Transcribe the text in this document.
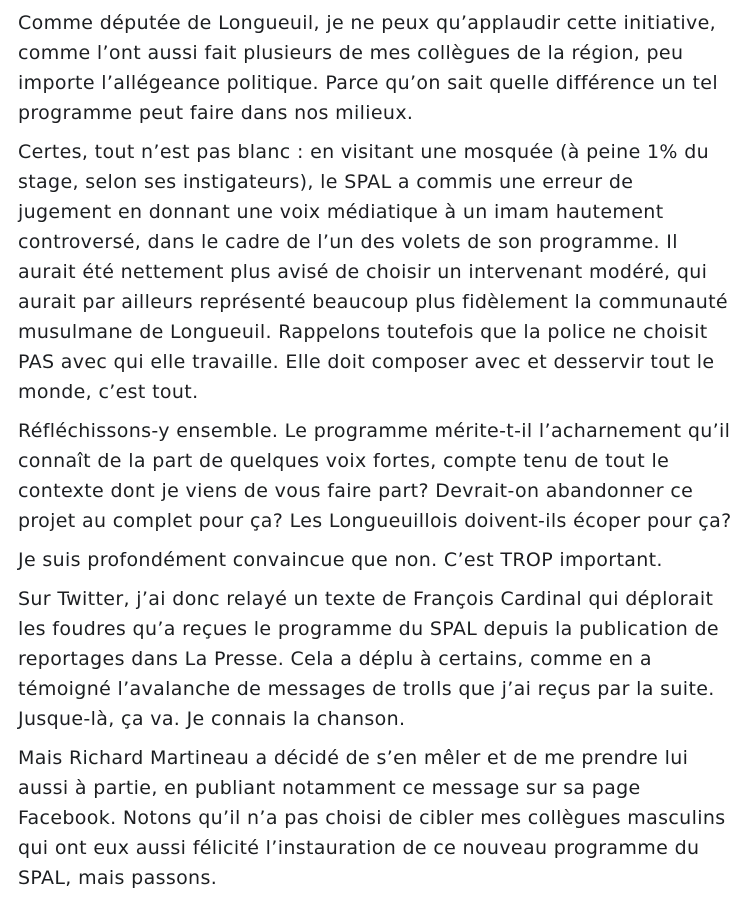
Comme députée de Longueuil, je ne peux qu’applaudir cette initiative, comme l’ont aussi fait plusieurs de mes collègues de la région, peu importe l’allégeance politique. Parce qu’on sait quelle différence un tel programme peut faire dans nos milieux.

Certes, tout n’est pas blanc : en visitant une mosquée (à peine 1% du stage, selon ses instigateurs), le SPAL a commis une erreur de jugement en donnant une voix médiatique à un imam hautement controversé, dans le cadre de l’un des volets de son programme. Il aurait été nettement plus avisé de choisir un intervenant modéré, qui aurait par ailleurs représenté beaucoup plus fidèlement la communauté musulmane de Longueuil. Rappelons toutefois que la police ne choisit PAS avec qui elle travaille. Elle doit composer avec et desservir tout le monde, c’est tout.

Réfléchissons-y ensemble. Le programme mérite-t-il l’acharnement qu’il connaît de la part de quelques voix fortes, compte tenu de tout le contexte dont je viens de vous faire part? Devrait-on abandonner ce projet au complet pour ça? Les Longueuillois doivent-ils écoper pour ça?

Je suis profondément convaincue que non. C’est TROP important.

Sur Twitter, j’ai donc relayé un texte de François Cardinal qui déplorait les foudres qu’a reçues le programme du SPAL depuis la publication de reportages dans La Presse. Cela a déplu à certains, comme en a témoigné l’avalanche de messages de trolls que j’ai reçus par la suite. Jusque-là, ça va. Je connais la chanson.

Mais Richard Martineau a décidé de s’en mêler et de me prendre lui aussi à partie, en publiant notamment ce message sur sa page Facebook. Notons qu’il n’a pas choisi de cibler mes collègues masculins qui ont eux aussi félicité l’instauration de ce nouveau programme du SPAL, mais passons.
